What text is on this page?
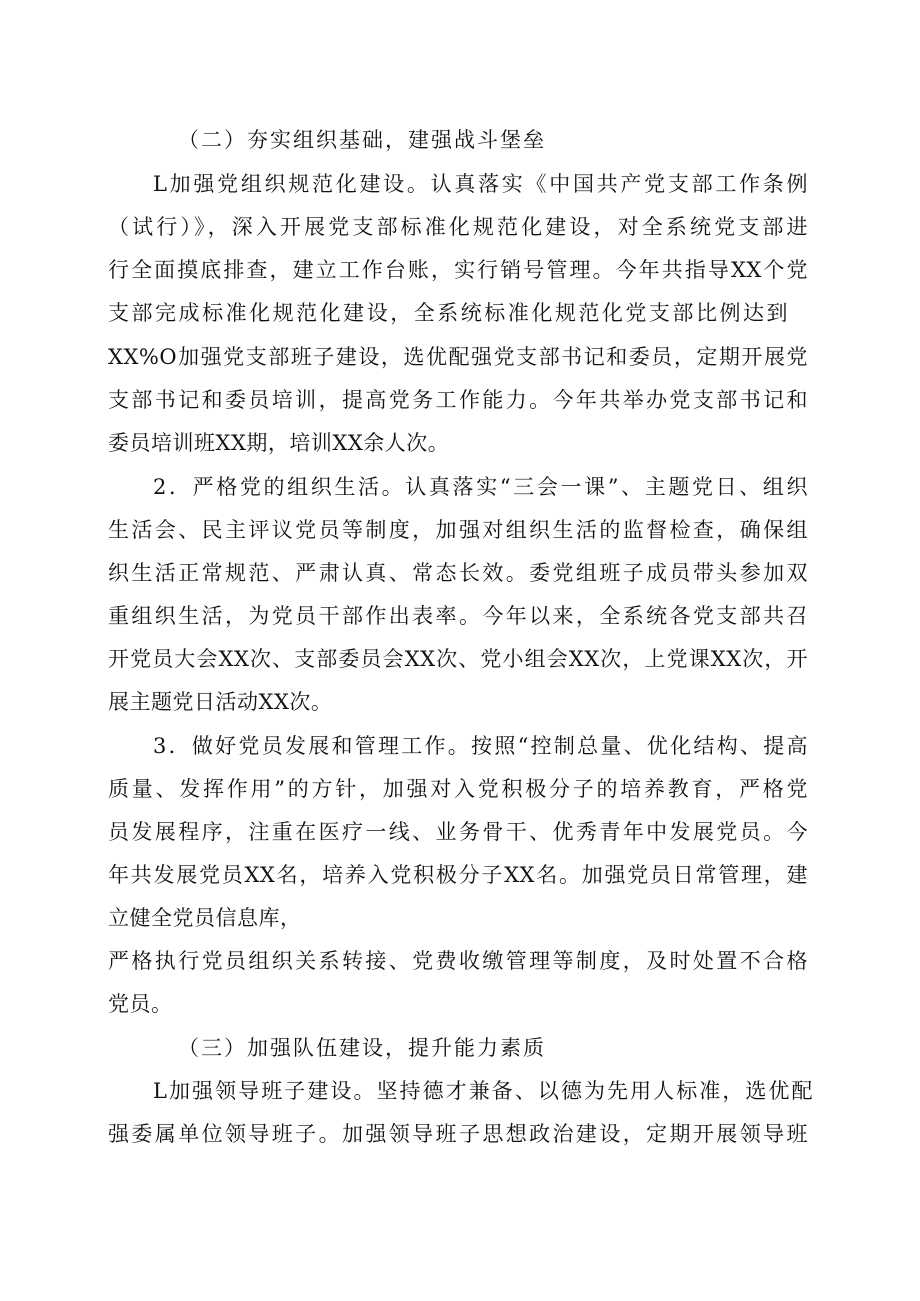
（二）夯实组织基础，建强战斗堡垒
L加强党组织规范化建设。认真落实《中国共产党支部工作条例
（试行）》，深入开展党支部标准化规范化建设，对全系统党支部进
行全面摸底排查，建立工作台账，实行销号管理。今年共指导XX个党
支部完成标准化规范化建设，全系统标准化规范化党支部比例达到
XX%O加强党支部班子建设，选优配强党支部书记和委员，定期开展党
支部书记和委员培训，提高党务工作能力。今年共举办党支部书记和
委员培训班XX期，培训XX余人次。
2．严格党的组织生活。认真落实“三会一课”、主题党日、组织
生活会、民主评议党员等制度，加强对组织生活的监督检查，确保组
织生活正常规范、严肃认真、常态长效。委党组班子成员带头参加双
重组织生活，为党员干部作出表率。今年以来，全系统各党支部共召
开党员大会XX次、支部委员会XX次、党小组会XX次，上党课XX次，开
展主题党日活动XX次。
3．做好党员发展和管理工作。按照“控制总量、优化结构、提高
质量、发挥作用”的方针，加强对入党积极分子的培养教育，严格党
员发展程序，注重在医疗一线、业务骨干、优秀青年中发展党员。今
年共发展党员XX名，培养入党积极分子XX名。加强党员日常管理，建
立健全党员信息库，
严格执行党员组织关系转接、党费收缴管理等制度，及时处置不合格
党员。
（三）加强队伍建设，提升能力素质
L加强领导班子建设。坚持德才兼备、以德为先用人标准，选优配
强委属单位领导班子。加强领导班子思想政治建设，定期开展领导班
